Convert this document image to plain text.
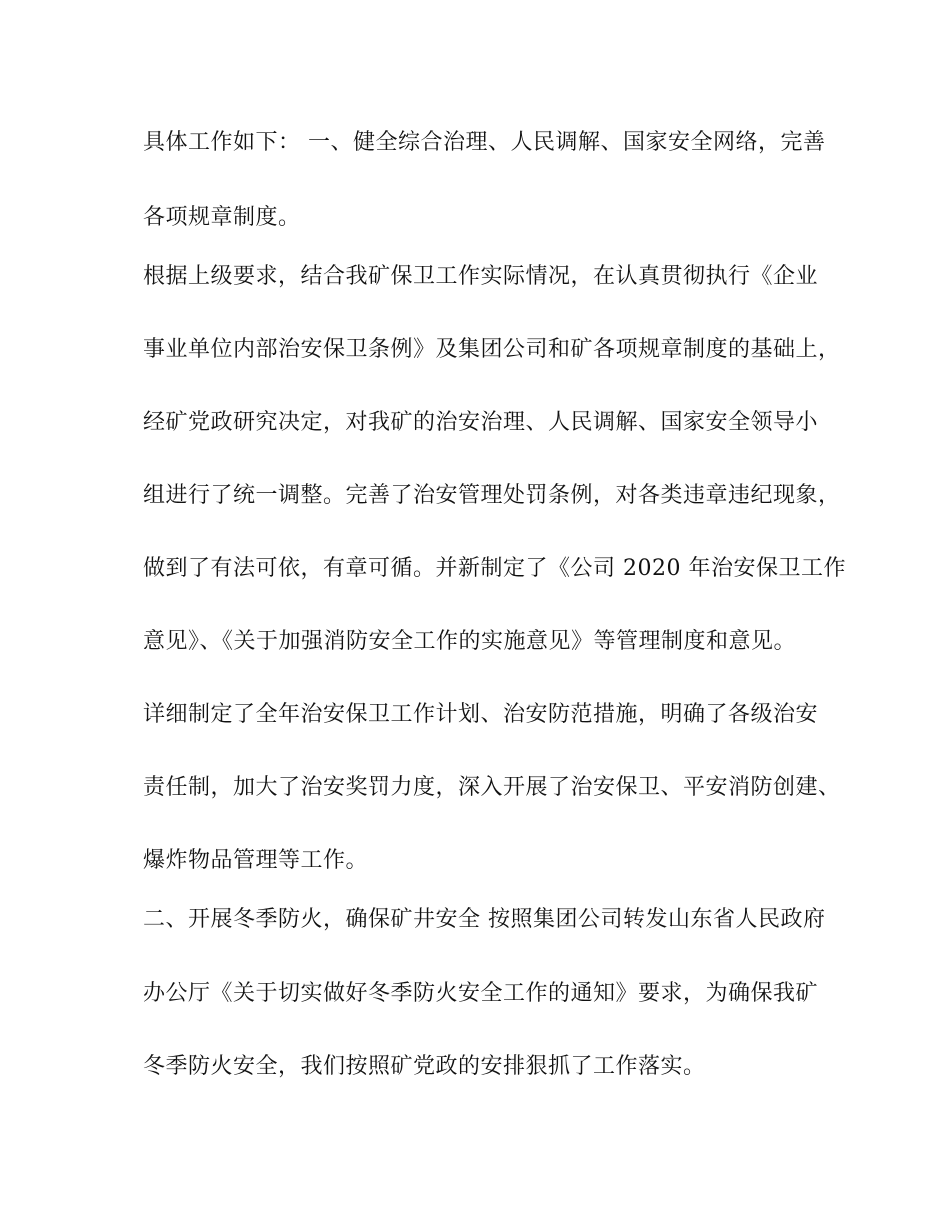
具体工作如下： 一、健全综合治理、人民调解、国家安全网络，完善
各项规章制度。
根据上级要求，结合我矿保卫工作实际情况，在认真贯彻执行《企业
事业单位内部治安保卫条例》及集团公司和矿各项规章制度的基础上，
经矿党政研究决定，对我矿的治安治理、人民调解、国家安全领导小
组进行了统一调整。完善了治安管理处罚条例，对各类违章违纪现象，
做到了有法可依，有章可循。并新制定了《公司 2020 年治安保卫工作
意见》、《关于加强消防安全工作的实施意见》等管理制度和意见。
详细制定了全年治安保卫工作计划、治安防范措施，明确了各级治安
责任制，加大了治安奖罚力度，深入开展了治安保卫、平安消防创建、
爆炸物品管理等工作。
二、开展冬季防火，确保矿井安全 按照集团公司转发山东省人民政府
办公厅《关于切实做好冬季防火安全工作的通知》要求，为确保我矿
冬季防火安全，我们按照矿党政的安排狠抓了工作落实。
